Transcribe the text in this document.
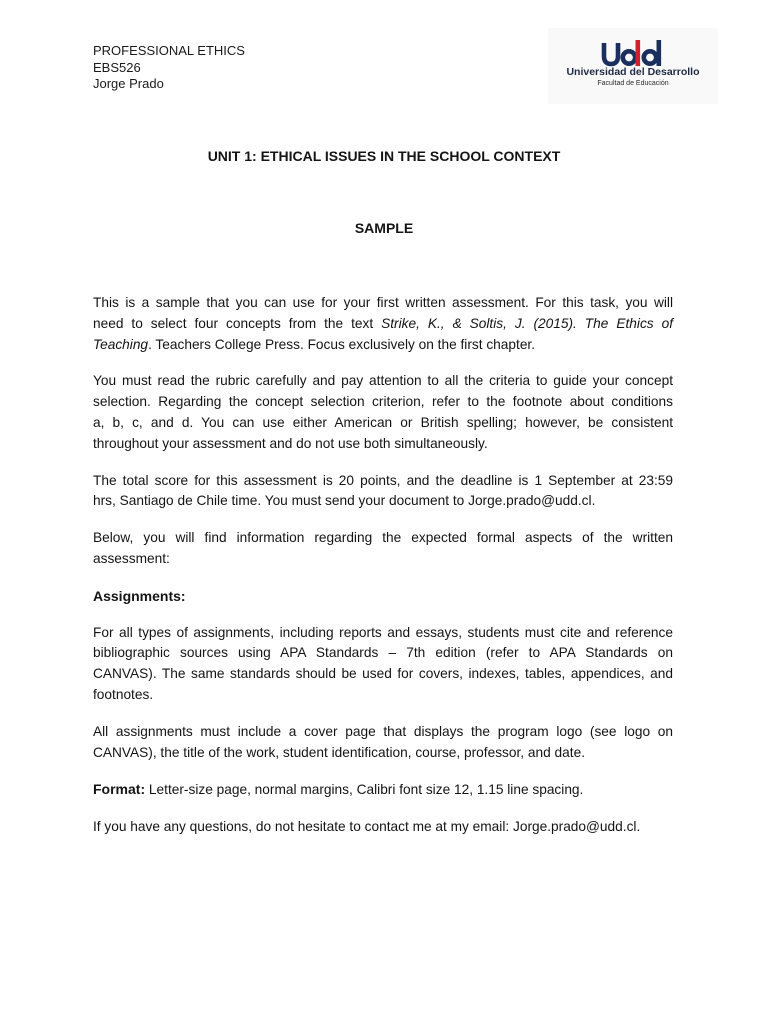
PROFESSIONAL ETHICS
EBS526
Jorge Prado
Universidad del Desarrollo
Facultad de Educación
UNIT 1: ETHICAL ISSUES IN THE SCHOOL CONTEXT
SAMPLE
This is a sample that you can use for your first written assessment. For this task, you will
need to select four concepts from the text Strike, K., & Soltis, J. (2015). The Ethics of
Teaching. Teachers College Press. Focus exclusively on the first chapter.
You must read the rubric carefully and pay attention to all the criteria to guide your concept
selection. Regarding the concept selection criterion, refer to the footnote about conditions
a, b, c, and d. You can use either American or British spelling; however, be consistent
throughout your assessment and do not use both simultaneously.
The total score for this assessment is 20 points, and the deadline is 1 September at 23:59
hrs, Santiago de Chile time. You must send your document to Jorge.prado@udd.cl.
Below, you will find information regarding the expected formal aspects of the written
assessment:
Assignments:
For all types of assignments, including reports and essays, students must cite and reference
bibliographic sources using APA Standards – 7th edition (refer to APA Standards on
CANVAS). The same standards should be used for covers, indexes, tables, appendices, and
footnotes.
All assignments must include a cover page that displays the program logo (see logo on
CANVAS), the title of the work, student identification, course, professor, and date.
Format: Letter-size page, normal margins, Calibri font size 12, 1.15 line spacing.
If you have any questions, do not hesitate to contact me at my email: Jorge.prado@udd.cl.
